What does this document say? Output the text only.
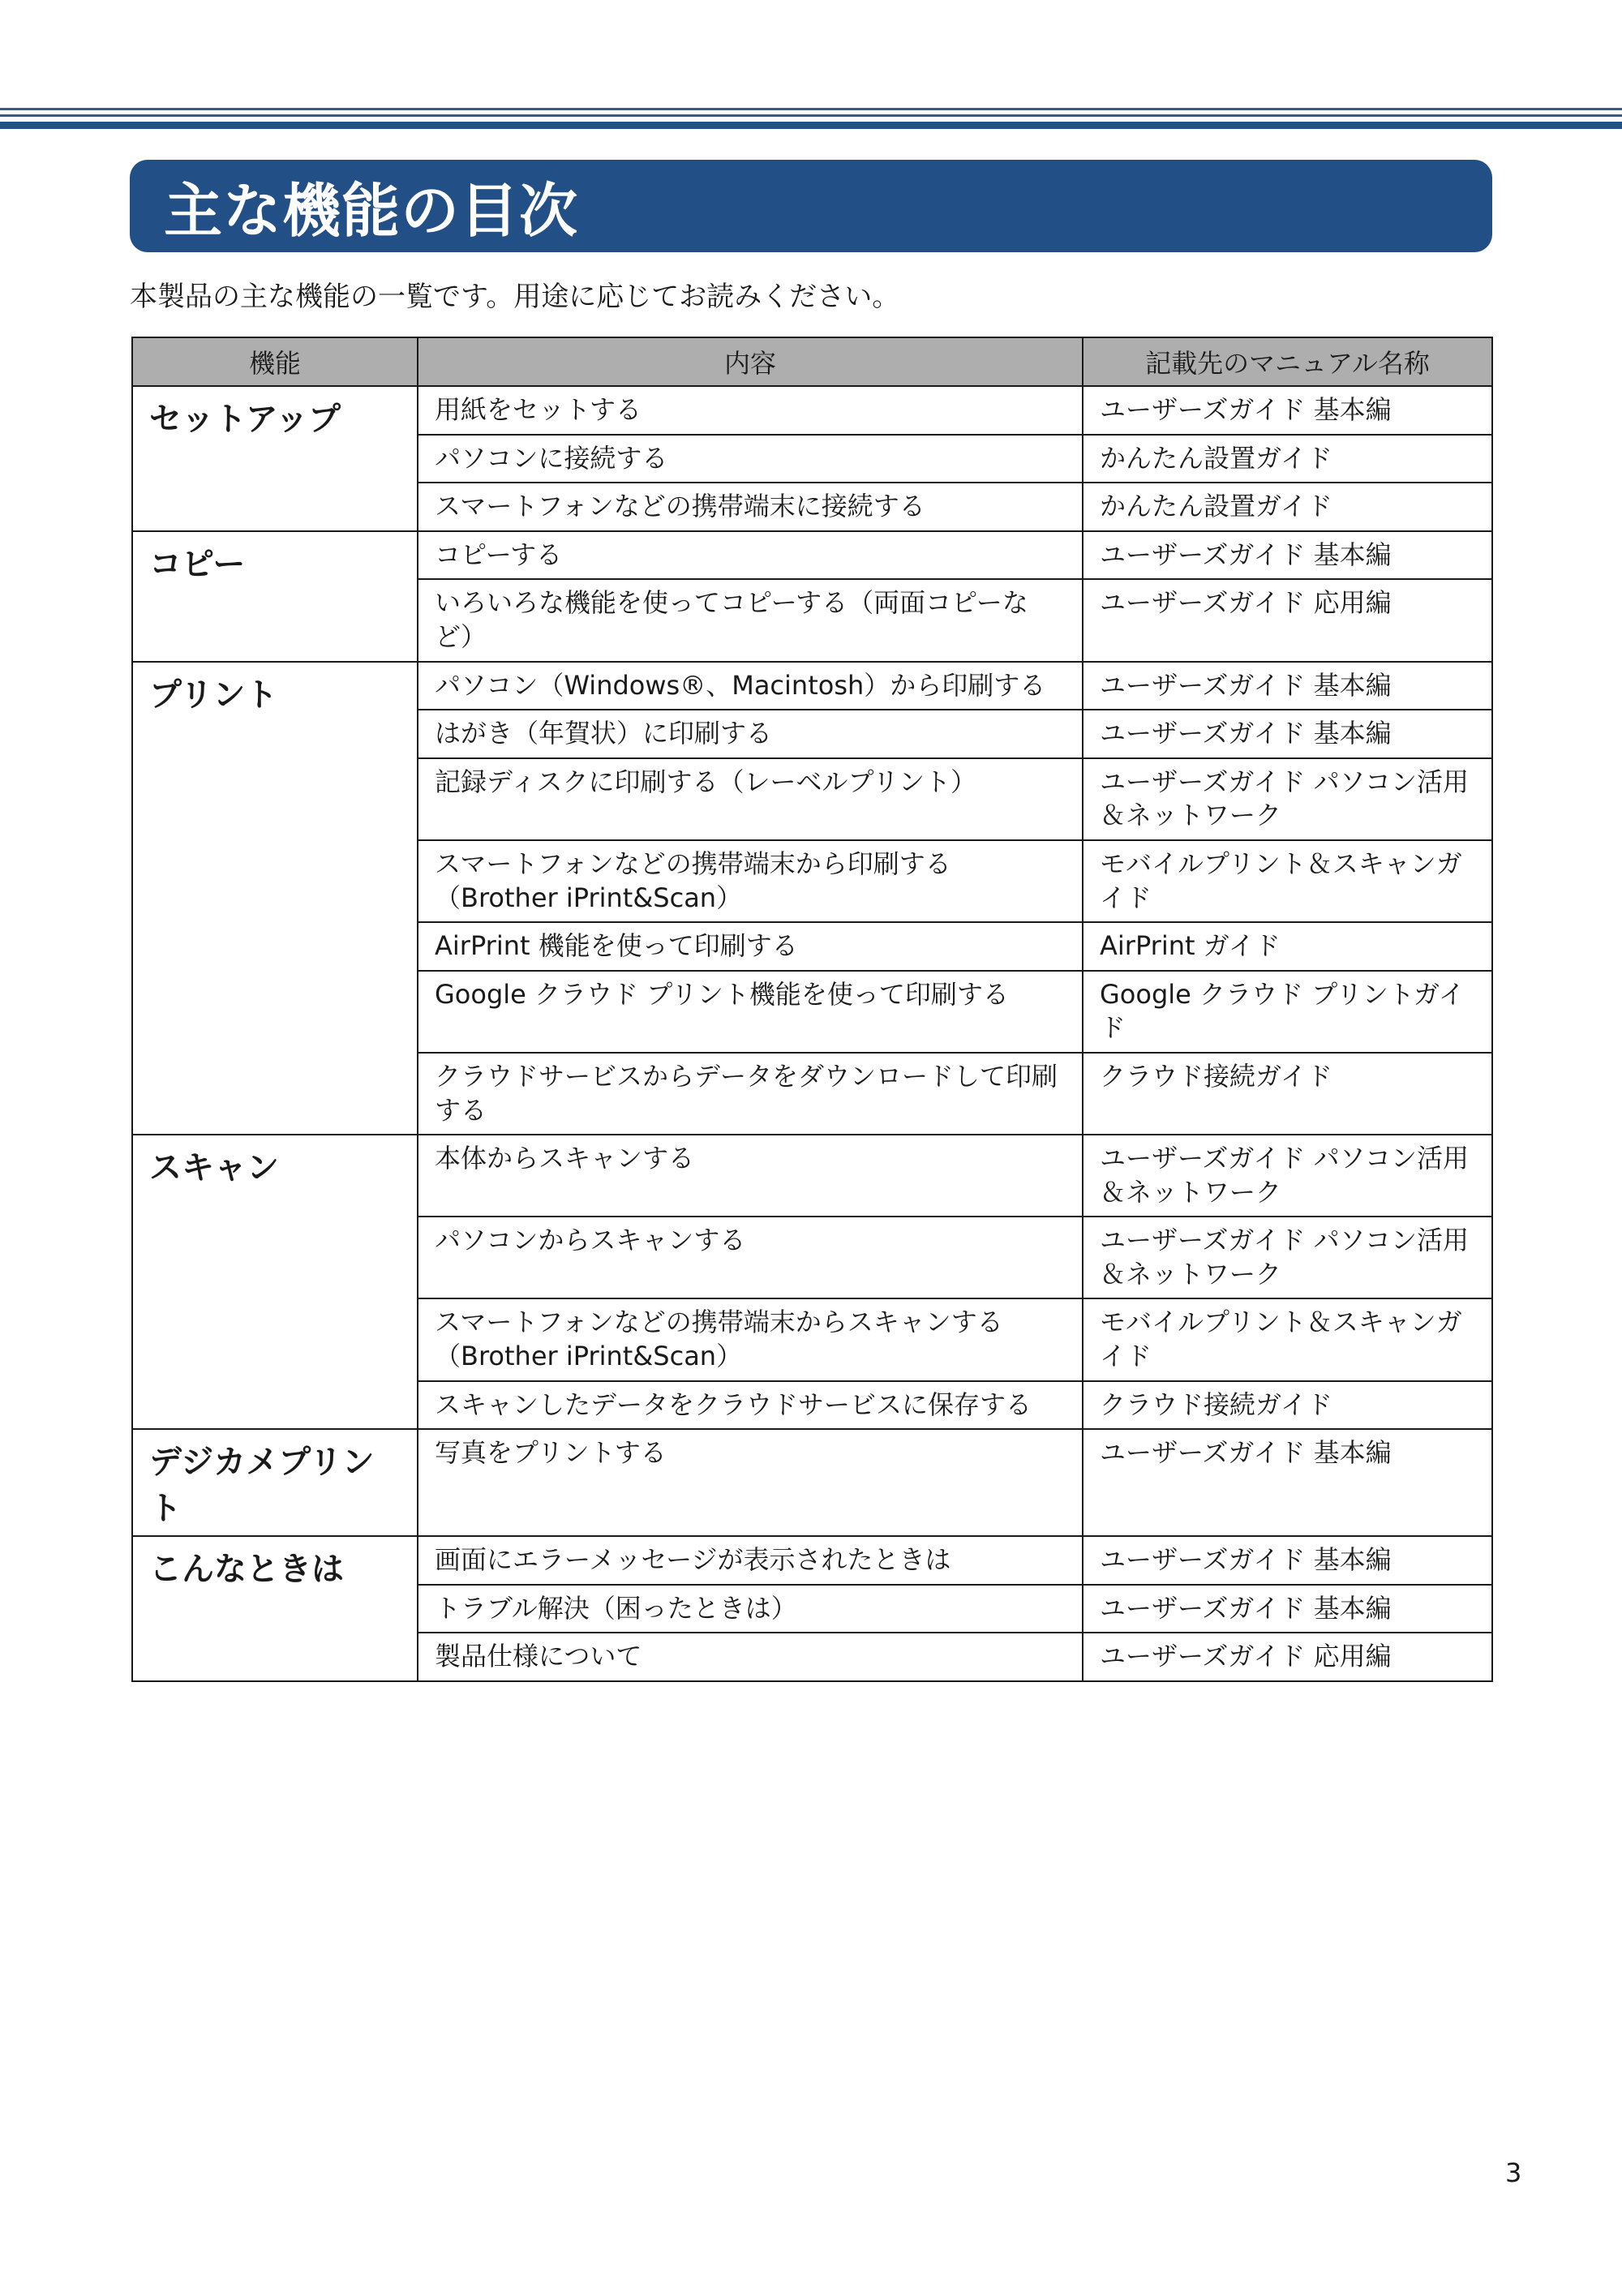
主な機能の目次
本製品の主な機能の一覧です。用途に応じてお読みください。
機能	内容	記載先のマニュアル名称
セットアップ	用紙をセットする	ユーザーズガイド 基本編
	パソコンに接続する	かんたん設置ガイド
	スマートフォンなどの携帯端末に接続する	かんたん設置ガイド
コピー	コピーする	ユーザーズガイド 基本編
	いろいろな機能を使ってコピーする（両面コピーなど）	ユーザーズガイド 応用編
プリント	パソコン（Windows®、Macintosh）から印刷する	ユーザーズガイド 基本編
	はがき（年賀状）に印刷する	ユーザーズガイド 基本編
	記録ディスクに印刷する（レーベルプリント）	ユーザーズガイド パソコン活用＆ネットワーク
	スマートフォンなどの携帯端末から印刷する（Brother iPrint&Scan）	モバイルプリント＆スキャンガイド
	AirPrint 機能を使って印刷する	AirPrint ガイド
	Google クラウド プリント機能を使って印刷する	Google クラウド プリントガイド
	クラウドサービスからデータをダウンロードして印刷する	クラウド接続ガイド
スキャン	本体からスキャンする	ユーザーズガイド パソコン活用＆ネットワーク
	パソコンからスキャンする	ユーザーズガイド パソコン活用＆ネットワーク
	スマートフォンなどの携帯端末からスキャンする（Brother iPrint&Scan）	モバイルプリント＆スキャンガイド
	スキャンしたデータをクラウドサービスに保存する	クラウド接続ガイド
デジカメプリント	写真をプリントする	ユーザーズガイド 基本編
こんなときは	画面にエラーメッセージが表示されたときは	ユーザーズガイド 基本編
	トラブル解決（困ったときは）	ユーザーズガイド 基本編
	製品仕様について	ユーザーズガイド 応用編
3
